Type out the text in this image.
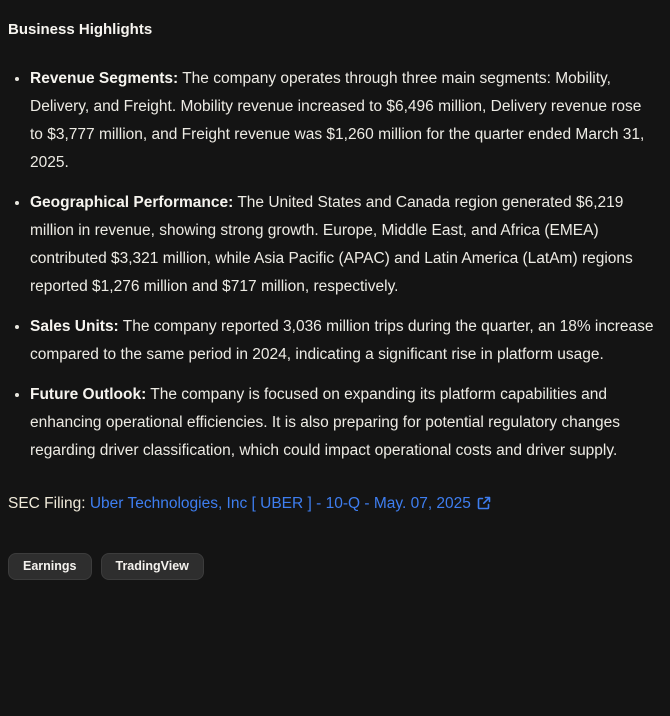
Business Highlights
• Revenue Segments: The company operates through three main segments: Mobility, Delivery, and Freight. Mobility revenue increased to $6,496 million, Delivery revenue rose to $3,777 million, and Freight revenue was $1,260 million for the quarter ended March 31, 2025.
• Geographical Performance: The United States and Canada region generated $6,219 million in revenue, showing strong growth. Europe, Middle East, and Africa (EMEA) contributed $3,321 million, while Asia Pacific (APAC) and Latin America (LatAm) regions reported $1,276 million and $717 million, respectively.
• Sales Units: The company reported 3,036 million trips during the quarter, an 18% increase compared to the same period in 2024, indicating a significant rise in platform usage.
• Future Outlook: The company is focused on expanding its platform capabilities and enhancing operational efficiencies. It is also preparing for potential regulatory changes regarding driver classification, which could impact operational costs and driver supply.
SEC Filing: Uber Technologies, Inc [ UBER ] - 10-Q - May. 07, 2025
Earnings	TradingView
